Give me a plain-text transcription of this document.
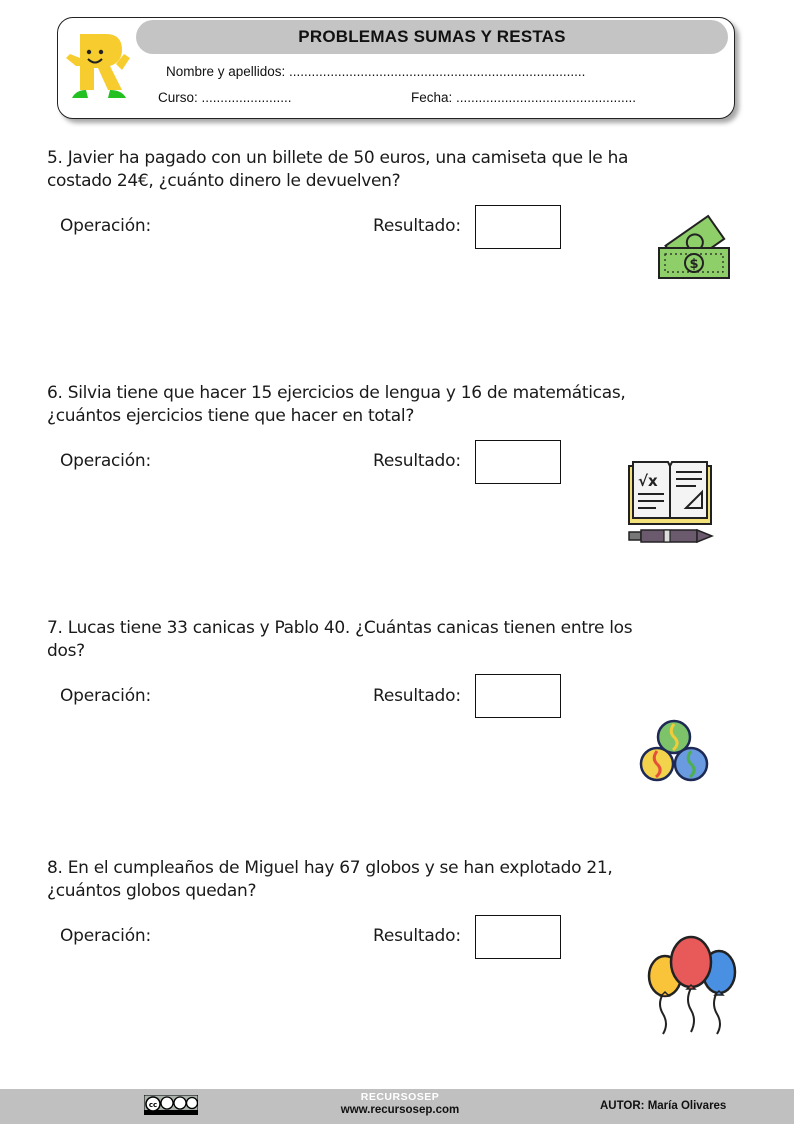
PROBLEMAS SUMAS Y RESTAS
Nombre y apellidos: ...............................................................................
Curso: ........................	Fecha: ................................................
5. Javier ha pagado con un billete de 50 euros, una camiseta que le ha
costado 24€, ¿cuánto dinero le devuelven?
Operación:	Resultado:
$
6. Silvia tiene que hacer 15 ejercicios de lengua y 16 de matemáticas,
¿cuántos ejercicios tiene que hacer en total?
Operación:	Resultado:
√x
7. Lucas tiene 33 canicas y Pablo 40. ¿Cuántas canicas tienen entre los
dos?
Operación:	Resultado:
8. En el cumpleaños de Miguel hay 67 globos y se han explotado 21,
¿cuántos globos quedan?
Operación:	Resultado:
cc
RECURSOSEP
www.recursosep.com	AUTOR: María Olivares
